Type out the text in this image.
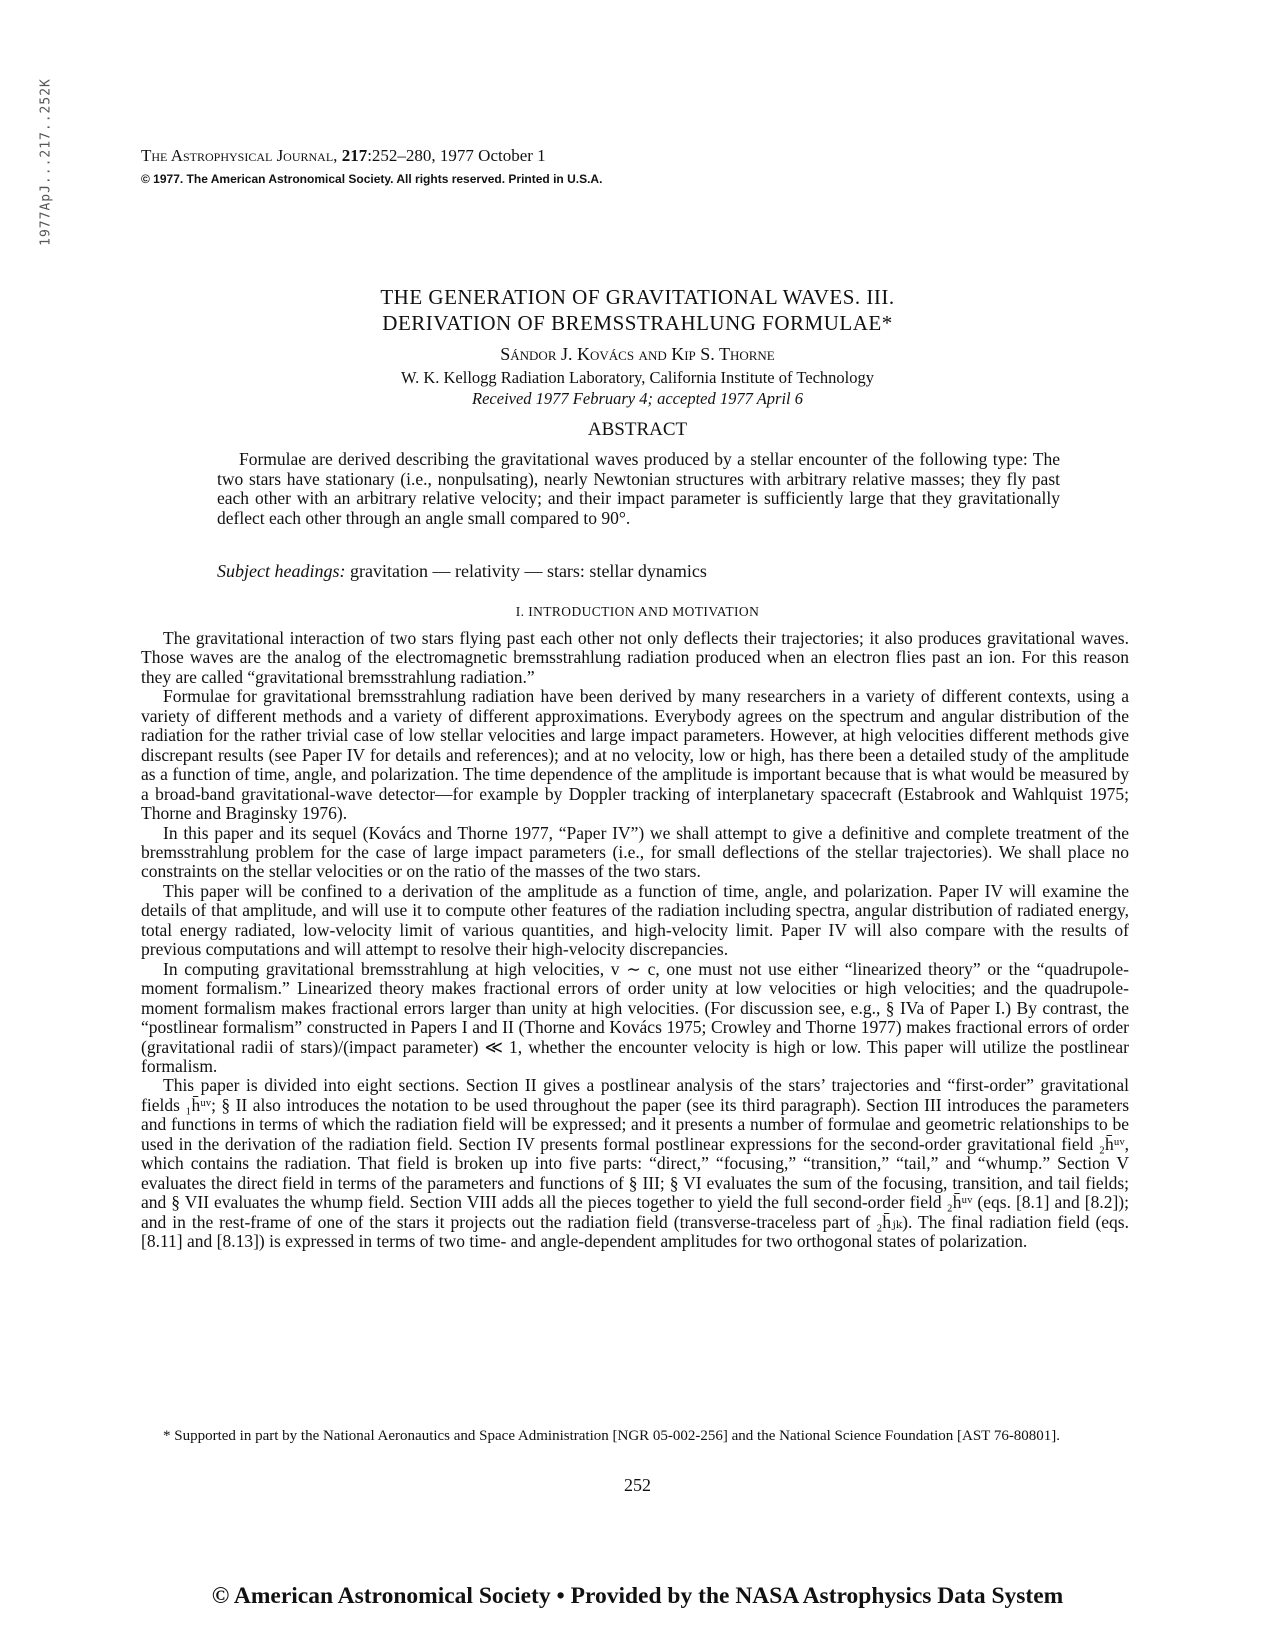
1977ApJ...217..252K	The Astrophysical Journal, 217:252–280, 1977 October 1
© 1977. The American Astronomical Society. All rights reserved. Printed in U.S.A.
THE GENERATION OF GRAVITATIONAL WAVES. III.
DERIVATION OF BREMSSTRAHLUNG FORMULAE*
Sándor J. Kovács and Kip S. Thorne
W. K. Kellogg Radiation Laboratory, California Institute of Technology
Received 1977 February 4; accepted 1977 April 6
ABSTRACT

Formulae are derived describing the gravitational waves produced by a stellar encounter of the following type: The two stars have stationary (i.e., nonpulsating), nearly Newtonian structures with arbitrary relative masses; they fly past each other with an arbitrary relative velocity; and their impact parameter is sufficiently large that they gravitationally deflect each other through an angle small compared to 90°.

Subject headings: gravitation — relativity — stars: stellar dynamics
I. INTRODUCTION AND MOTIVATION

The gravitational interaction of two stars flying past each other not only deflects their trajectories; it also produces gravitational waves. Those waves are the analog of the electromagnetic bremsstrahlung radiation produced when an electron flies past an ion. For this reason they are called “gravitational bremsstrahlung radiation.”

Formulae for gravitational bremsstrahlung radiation have been derived by many researchers in a variety of different contexts, using a variety of different methods and a variety of different approximations. Everybody agrees on the spectrum and angular distribution of the radiation for the rather trivial case of low stellar velocities and large impact parameters. However, at high velocities different methods give discrepant results (see Paper IV for details and references); and at no velocity, low or high, has there been a detailed study of the amplitude as a function of time, angle, and polarization. The time dependence of the amplitude is important because that is what would be measured by a broad-band gravitational-wave detector—for example by Doppler tracking of interplanetary spacecraft (Estabrook and Wahlquist 1975; Thorne and Braginsky 1976).

In this paper and its sequel (Kovács and Thorne 1977, “Paper IV”) we shall attempt to give a definitive and complete treatment of the bremsstrahlung problem for the case of large impact parameters (i.e., for small deflections of the stellar trajectories). We shall place no constraints on the stellar velocities or on the ratio of the masses of the two stars.

This paper will be confined to a derivation of the amplitude as a function of time, angle, and polarization. Paper IV will examine the details of that amplitude, and will use it to compute other features of the radiation including spectra, angular distribution of radiated energy, total energy radiated, low-velocity limit of various quantities, and high-velocity limit. Paper IV will also compare with the results of previous computations and will attempt to resolve their high-velocity discrepancies.

In computing gravitational bremsstrahlung at high velocities, v ∼ c, one must not use either “linearized theory” or the “quadrupole-moment formalism.” Linearized theory makes fractional errors of order unity at low velocities or high velocities; and the quadrupole-moment formalism makes fractional errors larger than unity at high velocities. (For discussion see, e.g., § IVa of Paper I.) By contrast, the “postlinear formalism” constructed in Papers I and II (Thorne and Kovács 1975; Crowley and Thorne 1977) makes fractional errors of order (gravitational radii of stars)/(impact parameter) ≪ 1, whether the encounter velocity is high or low. This paper will utilize the postlinear formalism.

This paper is divided into eight sections. Section II gives a postlinear analysis of the stars’ trajectories and “first-order” gravitational fields ₁h̄ᵘᵛ; § II also introduces the notation to be used throughout the paper (see its third paragraph). Section III introduces the parameters and functions in terms of which the radiation field will be expressed; and it presents a number of formulae and geometric relationships to be used in the derivation of the radiation field. Section IV presents formal postlinear expressions for the second-order gravitational field ₂h̄ᵘᵛ, which contains the radiation. That field is broken up into five parts: “direct,” “focusing,” “transition,” “tail,” and “whump.” Section V evaluates the direct field in terms of the parameters and functions of § III; § VI evaluates the sum of the focusing, transition, and tail fields; and § VII evaluates the whump field. Section VIII adds all the pieces together to yield the full second-order field ₂h̄ᵘᵛ (eqs. [8.1] and [8.2]); and in the rest-frame of one of the stars it projects out the radiation field (transverse-traceless part of ₂h̄ⱼₖ). The final radiation field (eqs. [8.11] and [8.13]) is expressed in terms of two time- and angle-dependent amplitudes for two orthogonal states of polarization.

* Supported in part by the National Aeronautics and Space Administration [NGR 05-002-256] and the National Science Foundation [AST 76-80801].

252
© American Astronomical Society • Provided by the NASA Astrophysics Data System
